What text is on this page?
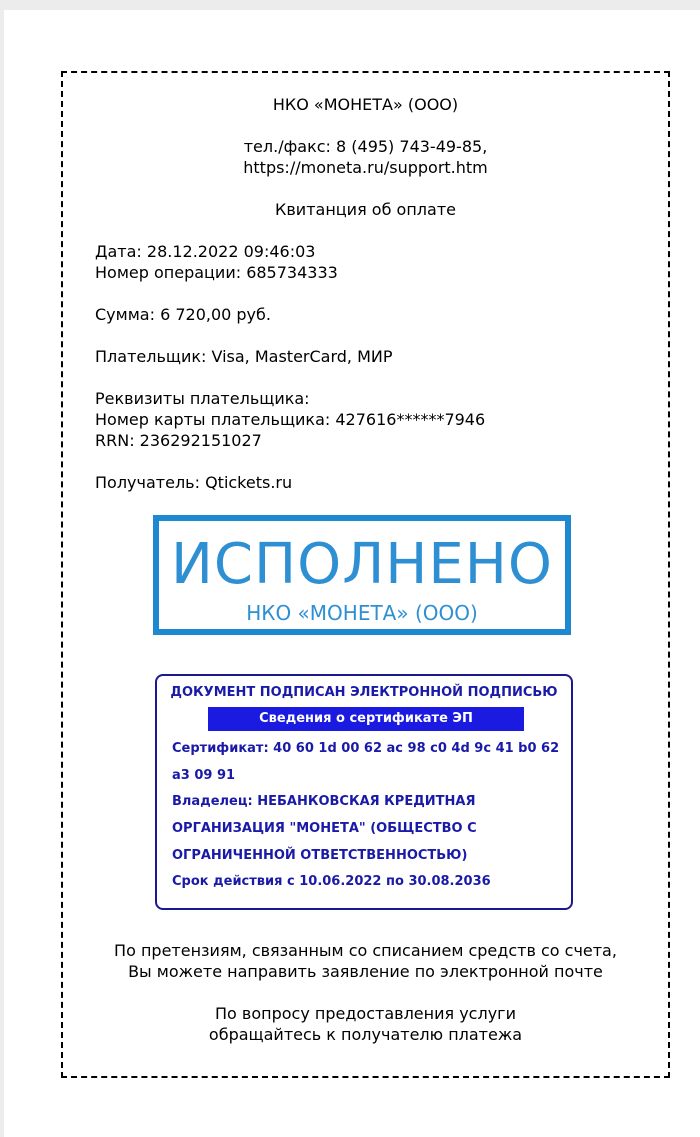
НКО «МОНЕТА» (ООО)
тел./факс: 8 (495) 743-49-85,
https://moneta.ru/support.htm
Квитанция об оплате
Дата: 28.12.2022 09:46:03
Номер операции: 685734333
Сумма: 6 720,00 руб.
Плательщик: Visa, MasterCard, МИР
Реквизиты плательщика:
Номер карты плательщика: 427616******7946
RRN: 236292151027
Получатель: Qtickets.ru
ИСПОЛНЕНО
НКО «МОНЕТА» (ООО)
ДОКУМЕНТ ПОДПИСАН ЭЛЕКТРОННОЙ ПОДПИСЬЮ
Сведения о сертификате ЭП
Сертификат: 40 60 1d 00 62 ac 98 c0 4d 9c 41 b0 62
a3 09 91
Владелец: НЕБАНКОВСКАЯ КРЕДИТНАЯ
ОРГАНИЗАЦИЯ "МОНЕТА" (ОБЩЕСТВО С
ОГРАНИЧЕННОЙ ОТВЕТСТВЕННОСТЬЮ)
Срок действия с 10.06.2022 по 30.08.2036
По претензиям, связанным со списанием средств со счета,
Вы можете направить заявление по электронной почте
По вопросу предоставления услуги
обращайтесь к получателю платежа
